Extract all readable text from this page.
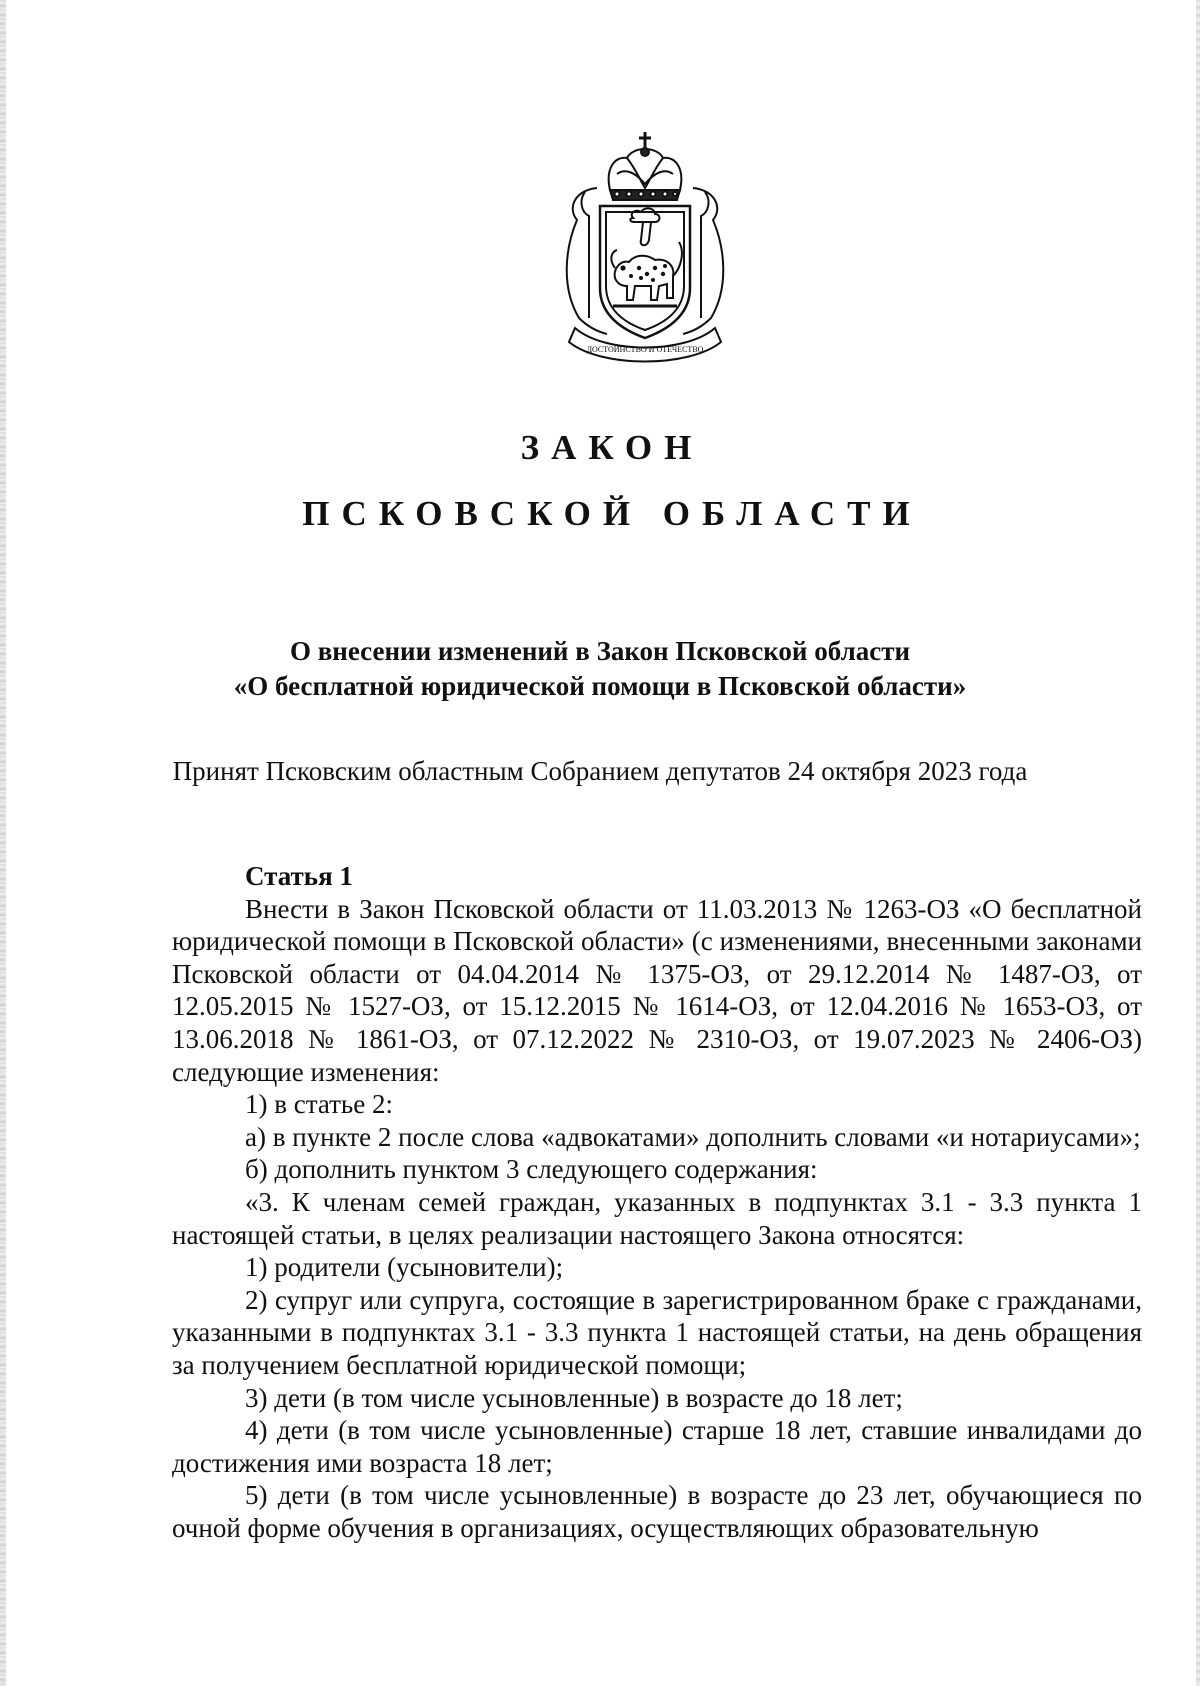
ДОСТОИНСТВО И ОТЕЧЕСТВО
ЗАКОН
ПСКОВСКОЙ ОБЛАСТИ
О внесении изменений в Закон Псковской области
«О бесплатной юридической помощи в Псковской области»
Принят Псковским областным Собранием депутатов 24 октября 2023 года

Статья 1

Внести в Закон Псковской области от 11.03.2013 № 1263-ОЗ «О бесплатной юридической помощи в Псковской области» (с изменениями, внесенными законами Псковской области от 04.04.2014 № 1375-ОЗ, от 29.12.2014 № 1487-ОЗ, от 12.05.2015 № 1527-ОЗ, от 15.12.2015 № 1614-ОЗ, от 12.04.2016 № 1653-ОЗ, от 13.06.2018 № 1861-ОЗ, от 07.12.2022 № 2310-ОЗ, от 19.07.2023 № 2406-ОЗ) следующие изменения:

1) в статье 2:

а) в пункте 2 после слова «адвокатами» дополнить словами «и нотариусами»;

б) дополнить пунктом 3 следующего содержания:

«3. К членам семей граждан, указанных в подпунктах 3.1 - 3.3 пункта 1 настоящей статьи, в целях реализации настоящего Закона относятся:

1) родители (усыновители);

2) супруг или супруга, состоящие в зарегистрированном браке с гражданами, указанными в подпунктах 3.1 - 3.3 пункта 1 настоящей статьи, на день обращения за получением бесплатной юридической помощи;

3) дети (в том числе усыновленные) в возрасте до 18 лет;

4) дети (в том числе усыновленные) старше 18 лет, ставшие инвалидами до достижения ими возраста 18 лет;

5) дети (в том числе усыновленные) в возрасте до 23 лет, обучающиеся по очной форме обучения в организациях, осуществляющих образовательную
